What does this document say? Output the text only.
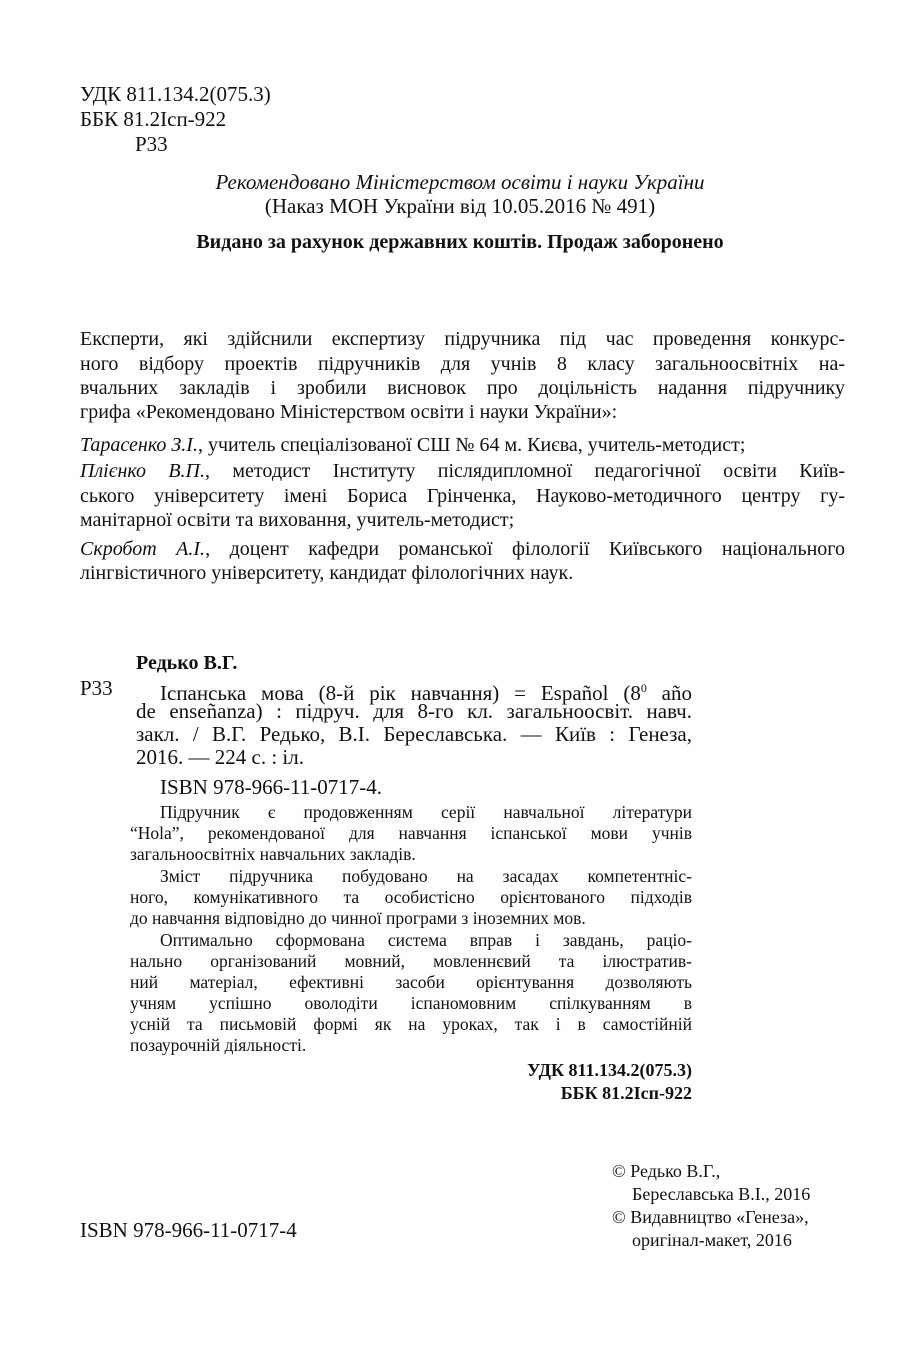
УДК 811.134.2(075.3)
ББК 81.2Ісп-922
Р33
Рекомендовано Міністерством освіти і науки України
(Наказ МОН України від 10.05.2016 № 491)
Видано за рахунок державних коштів. Продаж заборонено
Експерти, які здійснили експертизу підручника під час проведення конкурс-
ного відбору проектів підручників для учнів 8 класу загальноосвітніх на-
вчальних закладів і зробили висновок про доцільність надання підручнику
грифа «Рекомендовано Міністерством освіти і науки України»:
Тарасенко З.І., учитель спеціалізованої СШ № 64 м. Києва, учитель-методист;
Плієнко В.П., методист Інституту післядипломної педагогічної освіти Київ-
ського університету імені Бориса Грінченка, Науково-методичного центру гу-
манітарної освіти та виховання, учитель-методист;
Скробот А.І., доцент кафедри романської філології Київського національного
лінгвістичного університету, кандидат філологічних наук.
Редько В.Г.
Р33 Іспанська мова (8-й рік навчання) = Español ($8^0$ año
de enseñanza) : підруч. для 8-го кл. загальноосвіт. навч.
закл. / В.Г. Редько, В.І. Береславська. — Київ : Генеза,
2016. — 224 с. : іл.
ISBN 978-966-11-0717-4.
Підручник є продовженням серії навчальної літератури
“Hola”, рекомендованої для навчання іспанської мови учнів
загальноосвітніх навчальних закладів.
Зміст підручника побудовано на засадах компетентніс-
ного, комунікативного та особистісно орієнтованого підходів
до навчання відповідно до чинної програми з іноземних мов.
Оптимально сформована система вправ і завдань, раціо-
нально організований мовний, мовленнєвий та ілюстратив-
ний матеріал, ефективні засоби орієнтування дозволяють
учням успішно оволодіти іспаномовним спілкуванням в
усній та письмовій формі як на уроках, так і в самостійній
позаурочній діяльності.
УДК 811.134.2(075.3)
ББК 81.2Ісп-922
ISBN 978-966-11-0717-4
© Редько В.Г.,
Береславська В.І., 2016
© Видавництво «Генеза»,
оригінал-макет, 2016
